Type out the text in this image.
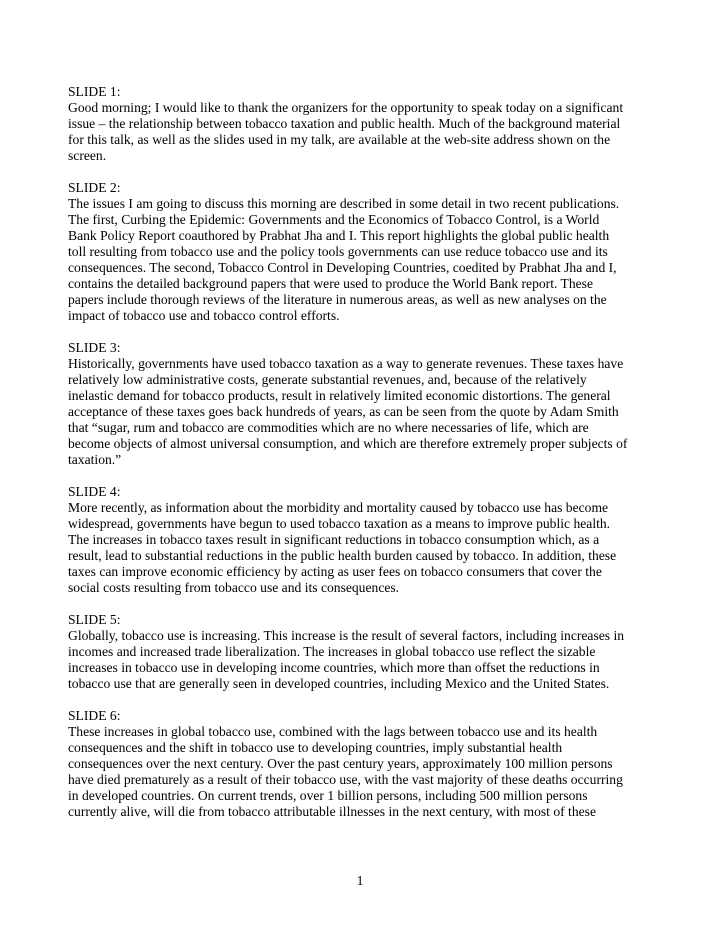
SLIDE 1:
Good morning; I would like to thank the organizers for the opportunity to speak today on a significant
issue – the relationship between tobacco taxation and public health. Much of the background material
for this talk, as well as the slides used in my talk, are available at the web-site address shown on the
screen.
SLIDE 2:
The issues I am going to discuss this morning are described in some detail in two recent publications.
The first, Curbing the Epidemic: Governments and the Economics of Tobacco Control, is a World
Bank Policy Report coauthored by Prabhat Jha and I. This report highlights the global public health
toll resulting from tobacco use and the policy tools governments can use reduce tobacco use and its
consequences. The second, Tobacco Control in Developing Countries, coedited by Prabhat Jha and I,
contains the detailed background papers that were used to produce the World Bank report. These
papers include thorough reviews of the literature in numerous areas, as well as new analyses on the
impact of tobacco use and tobacco control efforts.
SLIDE 3:
Historically, governments have used tobacco taxation as a way to generate revenues. These taxes have
relatively low administrative costs, generate substantial revenues, and, because of the relatively
inelastic demand for tobacco products, result in relatively limited economic distortions. The general
acceptance of these taxes goes back hundreds of years, as can be seen from the quote by Adam Smith
that “sugar, rum and tobacco are commodities which are no where necessaries of life, which are
become objects of almost universal consumption, and which are therefore extremely proper subjects of
taxation.”
SLIDE 4:
More recently, as information about the morbidity and mortality caused by tobacco use has become
widespread, governments have begun to used tobacco taxation as a means to improve public health.
The increases in tobacco taxes result in significant reductions in tobacco consumption which, as a
result, lead to substantial reductions in the public health burden caused by tobacco. In addition, these
taxes can improve economic efficiency by acting as user fees on tobacco consumers that cover the
social costs resulting from tobacco use and its consequences.
SLIDE 5:
Globally, tobacco use is increasing. This increase is the result of several factors, including increases in
incomes and increased trade liberalization. The increases in global tobacco use reflect the sizable
increases in tobacco use in developing income countries, which more than offset the reductions in
tobacco use that are generally seen in developed countries, including Mexico and the United States.
SLIDE 6:
These increases in global tobacco use, combined with the lags between tobacco use and its health
consequences and the shift in tobacco use to developing countries, imply substantial health
consequences over the next century. Over the past century years, approximately 100 million persons
have died prematurely as a result of their tobacco use, with the vast majority of these deaths occurring
in developed countries. On current trends, over 1 billion persons, including 500 million persons
currently alive, will die from tobacco attributable illnesses in the next century, with most of these
1
